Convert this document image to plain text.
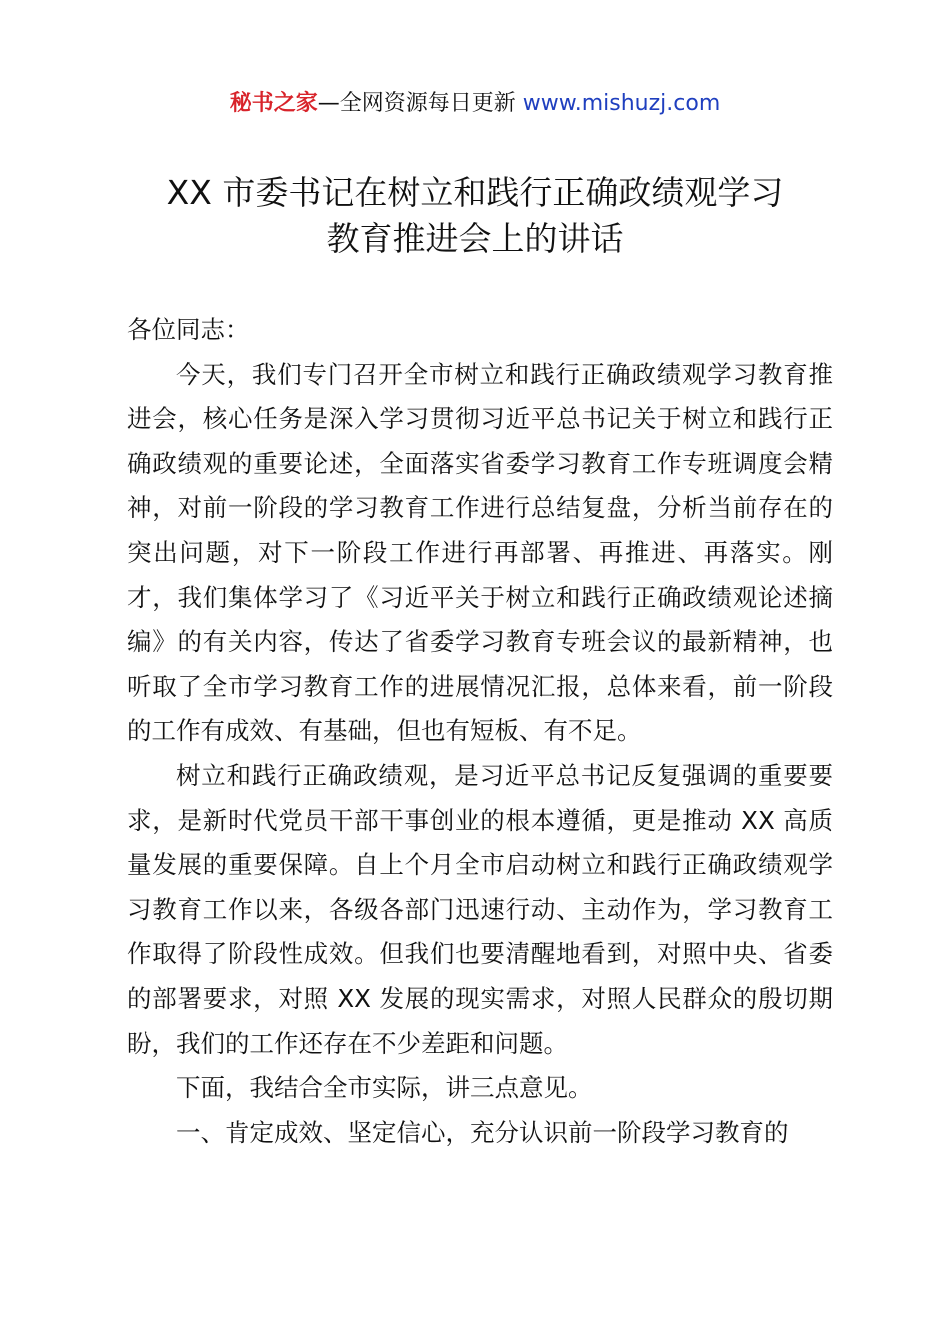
秘书之家—全网资源每日更新 www.mishuzj.com
XX 市委书记在树立和践行正确政绩观学习
教育推进会上的讲话

各位同志：

今天，我们专门召开全市树立和践行正确政绩观学习教育推进会，核心任务是深入学习贯彻习近平总书记关于树立和践行正确政绩观的重要论述，全面落实省委学习教育工作专班调度会精神，对前一阶段的学习教育工作进行总结复盘，分析当前存在的突出问题，对下一阶段工作进行再部署、再推进、再落实。刚才，我们集体学习了《习近平关于树立和践行正确政绩观论述摘编》的有关内容，传达了省委学习教育专班会议的最新精神，也听取了全市学习教育工作的进展情况汇报，总体来看，前一阶段的工作有成效、有基础，但也有短板、有不足。

树立和践行正确政绩观，是习近平总书记反复强调的重要要求，是新时代党员干部干事创业的根本遵循，更是推动 XX 高质量发展的重要保障。自上个月全市启动树立和践行正确政绩观学习教育工作以来，各级各部门迅速行动、主动作为，学习教育工作取得了阶段性成效。但我们也要清醒地看到，对照中央、省委的部署要求，对照 XX 发展的现实需求，对照人民群众的殷切期盼，我们的工作还存在不少差距和问题。

下面，我结合全市实际，讲三点意见。

一、肯定成效、坚定信心，充分认识前一阶段学习教育的
